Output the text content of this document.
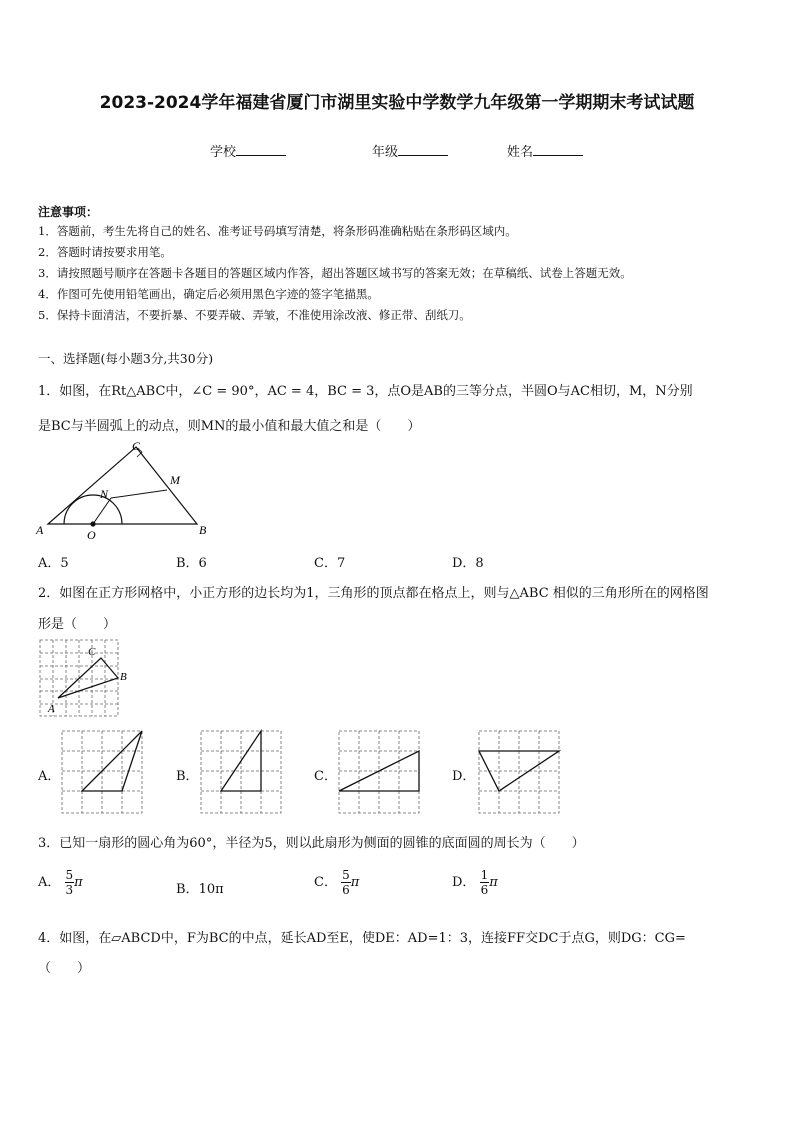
2023-2024学年福建省厦门市湖里实验中学数学九年级第一学期期末考试试题
学校	年级	姓名
注意事项：
1．答题前，考生先将自己的姓名、准考证号码填写清楚，将条形码准确粘贴在条形码区域内。
2．答题时请按要求用笔。
3．请按照题号顺序在答题卡各题目的答题区域内作答，超出答题区域书写的答案无效；在草稿纸、试卷上答题无效。
4．作图可先使用铅笔画出，确定后必须用黑色字迹的签字笔描黑。
5．保持卡面清洁，不要折暴、不要弄破、弄皱，不准使用涂改液、修正带、刮纸刀。
一、选择题(每小题3分,共30分)
1．如图，在Rt△ABC中，∠C = 90°，AC = 4，BC = 3，点O是AB的三等分点，半圆O与AC相切，M，N分别
是BC与半圆弧上的动点，则MN的最小值和最大值之和是（　　）
A	B
C
M
N
O
A．5	B．6	C．7	D．8
2．如图在正方形网格中，小正方形的边长均为1，三角形的顶点都在格点上，则与△ABC 相似的三角形所在的网格图
形是（　　）
A
B
C
A．	B．	C．	D．
3．已知一扇形的圆心角为60°，半径为5，则以此扇形为侧面的圆锥的底面圆的周长为（　　）
A． $\frac{5}{3}$ π	B．10π	C． $\frac{5}{6}$ π	D． $\frac{1}{6}$ π
4．如图，在▱ABCD中，F为BC的中点，延长AD至E，使DE：AD=1：3，连接FF交DC于点G，则DG：CG=
（　　）
